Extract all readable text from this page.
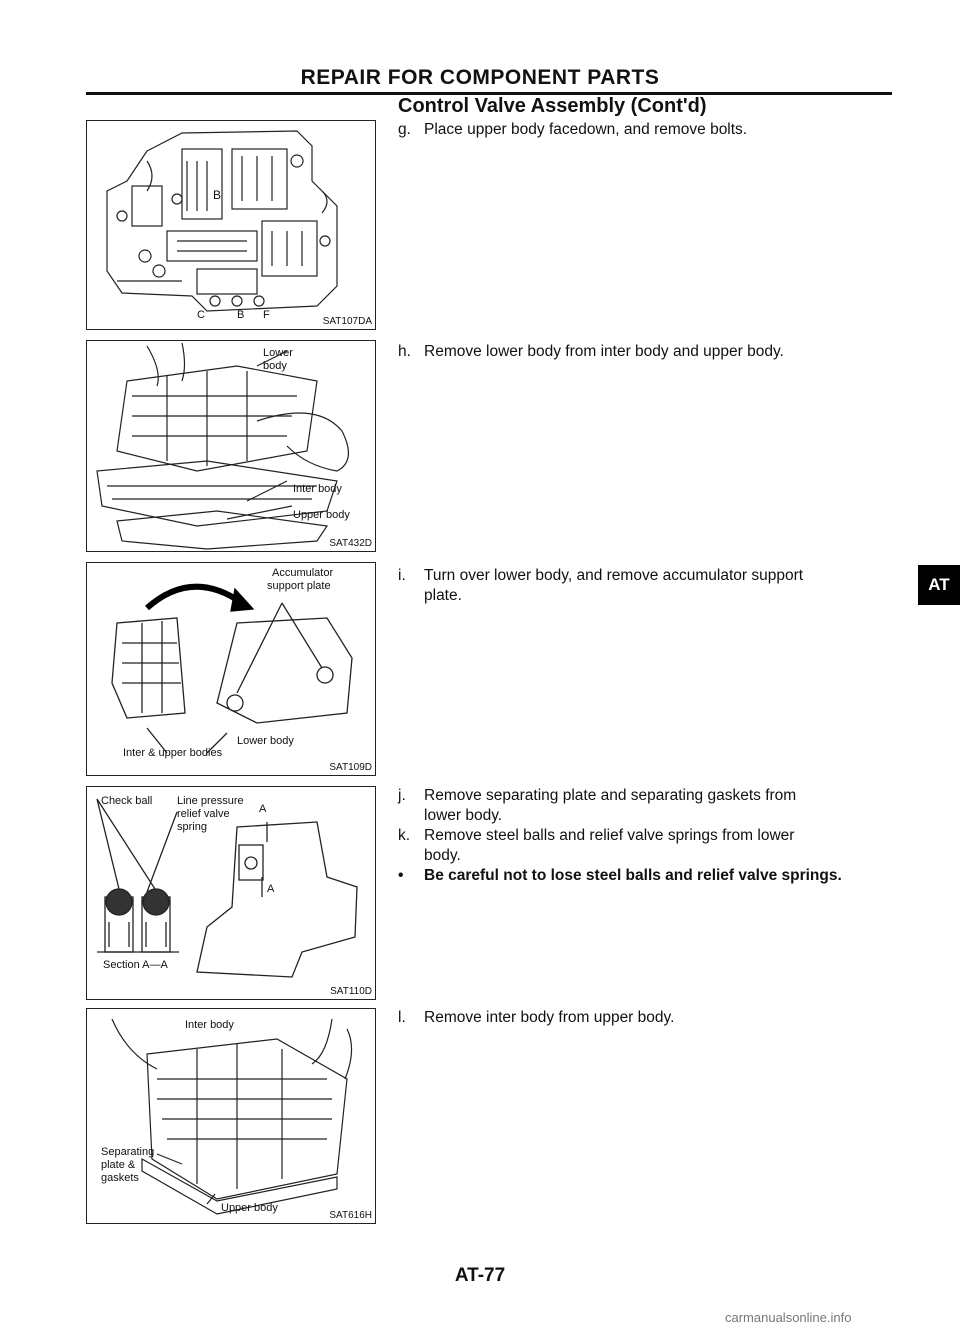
REPAIR FOR COMPONENT PARTS
Control Valve Assembly (Cont'd)
B
C	B F
SAT107DA
Lower
body
Inter body
Upper body
SAT432D
Accumulator
support plate
Lower body
Inter & upper bodies
SAT109D
Check ball Line pressure
relief valve
spring
A
A
Section A—A
SAT110D
Inter body
Separating
plate &
gaskets
Upper body
SAT616H
g. Place upper body facedown, and remove bolts.
h. Remove lower body from inter body and upper body.
i. Turn over lower body, and remove accumulator support
plate.
j. Remove separating plate and separating gaskets from
lower body.
k. Remove steel balls and relief valve springs from lower
body.
• Be careful not to lose steel balls and relief valve springs.
l. Remove inter body from upper body.
AT
AT-77
carmanualsonline.info
